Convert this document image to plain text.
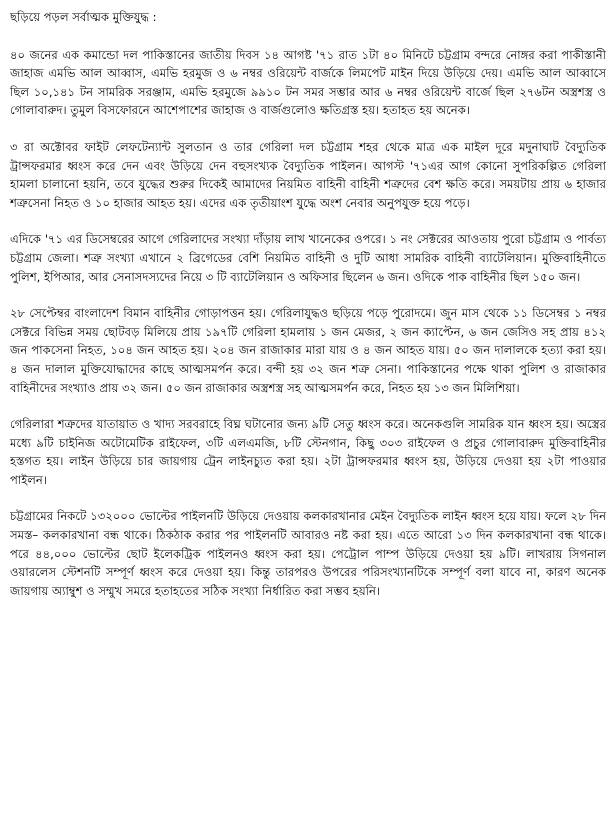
ছড়িয়ে পড়ল সর্বাত্মক মুক্তিযুদ্ধ :
৪০ জনের এক কমান্ডো দল পাকিস্তানের জাতীয় দিবস ১৪ আগষ্ট '৭১ রাত ১টা ৪০ মিনিটে চট্টগ্রাম বন্দরে নোঙ্গর করা পাকীস্তানী জাহাজ এমভি আল আব্বাস, এমভি হরমুজ ও ৬ নম্বর ওরিয়েন্ট বার্জকে লিমপেট মাইন দিয়ে উড়িয়ে দেয়। এমভি আল আব্বাসে ছিল ১০,১৪১ টন সামরিক সরঞ্জাম, এমভি হরমুজে ৯৯১০ টন সমর সম্ভার আর ৬ নম্বর ওরিয়েন্ট বার্জে ছিল ২৭৬টন অস্ত্রশস্ত্র ও গোলাবারুদ। তুমুল বিসফোরনে আশেপাশের জাহাজ ও বার্জগুলোও ক্ষতিগ্রস্ত হয়। হতাহত হয় অনেক।
৩ রা অক্টোবর ফাইট লেফটেন্যান্ট সুলতান ও তার গেরিলা দল চট্টগ্রাম শহর থেকে মাত্র এক মাইল দূরে মদুনাঘাট বৈদ্যুতিক ট্রান্সফরমার ধ্বংস করে দেন এবং উড়িয়ে দেন বহুসংখ্যক বৈদ্যুতিক পাইলন। আগস্ট '৭১এর আগ কোনো সুপরিকল্পিত গেরিলা হামলা চালানো হয়নি, তবে যুদ্ধের শুরুর দিকেই আমাদের নিয়মিত বাহিনী বাহিনী শত্রুদের বেশ ক্ষতি করে। সময়টায় প্রায় ৬ হাজার শত্রুসেনা নিহত ও ১০ হাজার আহত হয়। এদের এক তৃতীয়াংশ যুদ্ধে অংশ নেবার অনুপযুক্ত হয়ে পড়ে।
এদিকে '৭১ এর ডিসেম্বরের আগে গেরিলাদের সংখ্যা দাঁড়ায় লাখ খানেকের ওপরে। ১ নং সেক্টরের আওতায় পুরো চট্টগ্রাম ও পার্বত্য চট্টগ্রাম জেলা। শত্রু সংখ্যা এখানে ২ ব্রিগেডের বেশি নিয়মিত বাহিনী ও দুটি আধা সামরিক বাহিনী ব্যাটেলিয়ান। মুক্তিবাহিনীতে পুলিশ, ইপিআর, আর সেনাসদস্যদের নিয়ে ৩ টি ব্যাটেলিয়ান ও অফিসার ছিলেন ৬ জন। ওদিকে পাক বাহিনীর ছিল ১৫০ জন।
২৮ সেপ্টেম্বর বাংলাদেশ বিমান বাহিনীর গোড়াপত্তন হয়। গেরিলাযুদ্ধও ছড়িয়ে পড়ে পুরোদমে। জুন মাস থেকে ১১ ডিসেম্বর ১ নম্বর সেক্টরে বিভিন্ন সময় ছোটবড় মিলিয়ে প্রায় ১৯৭টি গেরিলা হামলায় ১ জন মেজর, ২ জন ক্যাপ্টেন, ৬ জন জেসিও সহ প্রায় ৪১২ জন পাকসেনা নিহত, ১০৪ জন আহত হয়। ২০৪ জন রাজাকার মারা যায় ও ৪ জন আহত যায়। ৫০ জন দালালকে হত্যা করা হয়। ৪ জন দালাল মুক্তিযোদ্ধাদের কাছে আত্মসমর্পন করে। বন্দী হয় ৩২ জন শত্রু সেনা। পাকিস্তানের পক্ষে থাকা পুলিশ ও রাজাকার বাহিনীদের সংখ্যাও প্রায় ৩২ জন। ৫০ জন রাজাকার অস্ত্রশস্ত্র সহ আত্মসমর্পন করে, নিহত হয় ১৩ জন মিলিশিয়া।
গেরিলারা শত্রুদের যাতায়াত ও খাদ্য সরবরাহে বিঘ্ন ঘটানোর জন্য ৯টি সেতু ধ্বংস করে। অনেকগুলি সামরিক যান ধ্বংস হয়। অস্ত্রের মধ্যে ৯টি চাইনিজ অটোমেটিক রাইফেল, ৩টি এলএমজি, ৮টি স্টেনগান, কিছু ৩০৩ রাইফেল ও প্রচুর গোলাবারুদ মুক্তিবাহিনীর হস্তগত হয়। লাইন উড়িয়ে চার জায়গায় ট্রেন লাইনচ্যুত করা হয়। ২টা ট্রান্সফরমার ধ্বংস হয়, উড়িয়ে দেওয়া হয় ২টা পাওয়ার পাইলন।
চট্টগ্রামের নিকটে ১৩২০০০ ভোল্টের পাইলনটি উড়িয়ে দেওয়ায় কলকারখানার মেইন বৈদ্যুতিক লাইন ধ্বংস হয়ে যায়। ফলে ২৮ দিন সমস্ত– কলকারখানা বন্ধ থাকে। ঠিকঠাক করার পর পাইলনটি আবারও নষ্ট করা হয়। এতে আরো ১৩ দিন কলকারখানা বন্ধ থাকে। পরে ৪৪,০০০ ভোল্টের ছোট ইলেকট্রিক পাইলনও ধ্বংস করা হয়। পেট্রোল পাম্প উড়িয়ে দেওয়া হয় ৯টি। লাখরায় সিগনাল ওয়ারলেস স্টেশনটি সম্পূর্ণ ধ্বংস করে দেওয়া হয়। কিন্তু তারপরও উপরের পরিসংখ্যানটিকে সম্পূর্ণ বলা যাবে না, কারণ অনেক জায়গায় অ্যাম্বুশ ও সম্মুখ সমরে হতাহতের সঠিক সংখ্যা নির্ধারিত করা সম্ভব হয়নি।
